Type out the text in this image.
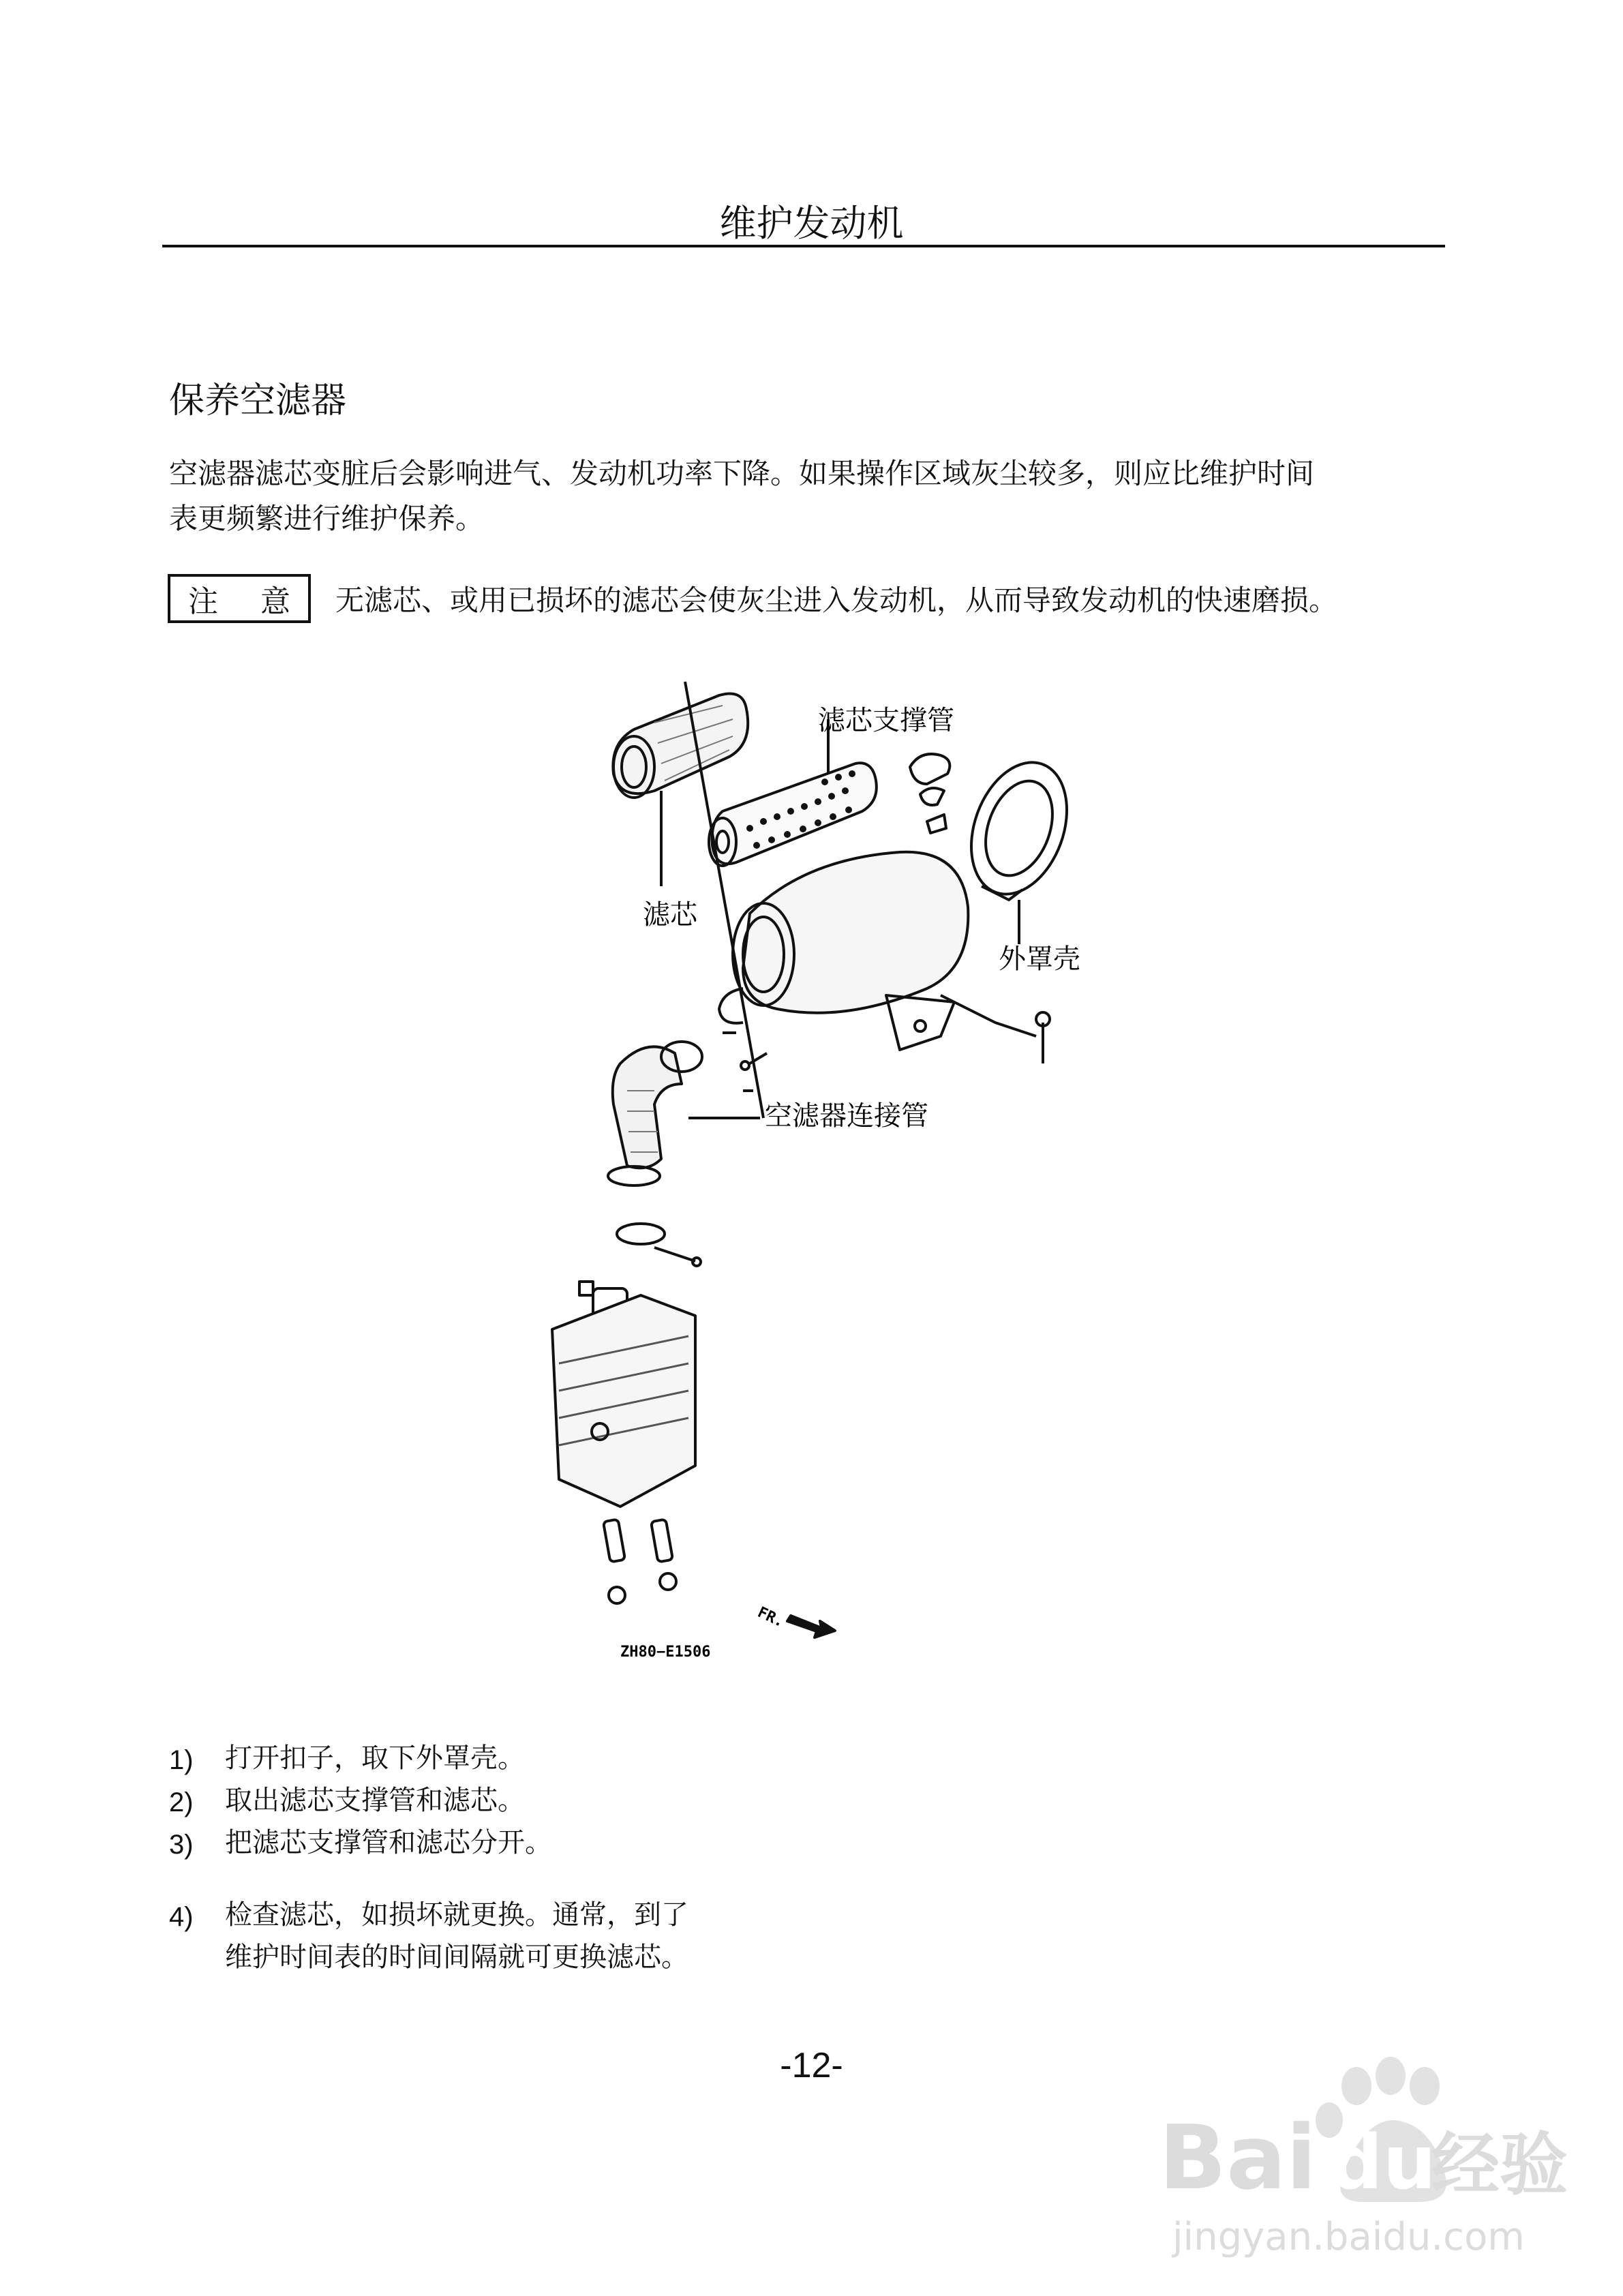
维护发动机
保养空滤器
空滤器滤芯变脏后会影响进气、发动机功率下降。如果操作区域灰尘较多，则应比维护时间
表更频繁进行维护保养。
注 意 无滤芯、或用已损坏的滤芯会使灰尘进入发动机，从而导致发动机的快速磨损。
滤芯支撑管
滤芯
外罩壳
空滤器连接管
FR.
ZH80−E1506
1)	打开扣子，取下外罩壳。
2)	取出滤芯支撑管和滤芯。
3)	把滤芯支撑管和滤芯分开。
4)	检查滤芯，如损坏就更换。通常，到了
维护时间表的时间间隔就可更换滤芯。
-12-
Bai du
经验
jingyan.baidu.com
